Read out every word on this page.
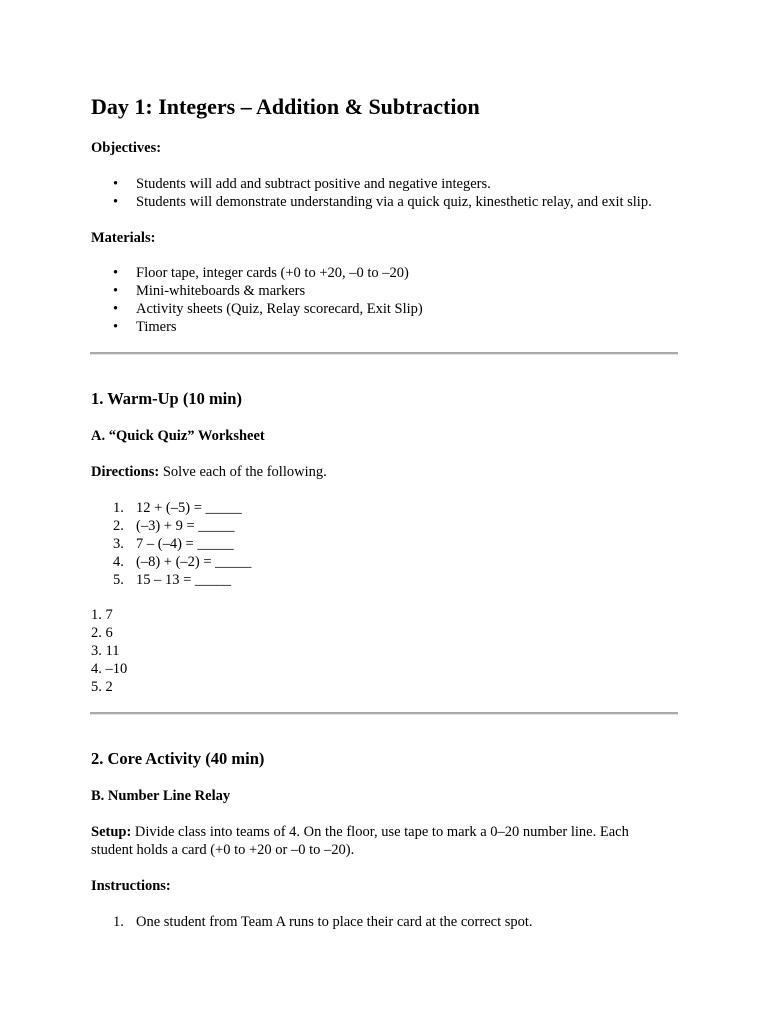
Day 1: Integers – Addition & Subtraction
Objectives:
• Students will add and subtract positive and negative integers.
• Students will demonstrate understanding via a quick quiz, kinesthetic relay, and exit slip.
Materials:
• Floor tape, integer cards (+0 to +20, –0 to –20)
• Mini-whiteboards & markers
• Activity sheets (Quiz, Relay scorecard, Exit Slip)
• Timers
1. Warm-Up (10 min)
A. “Quick Quiz” Worksheet
Directions: Solve each of the following.
1. 12 + (–5) = _____
2. (–3) + 9 = _____
3. 7 – (–4) = _____
4. (–8) + (–2) = _____
5. 15 – 13 = _____
1. 7
2. 6
3. 11
4. –10
5. 2
2. Core Activity (40 min)
B. Number Line Relay
Setup: Divide class into teams of 4. On the floor, use tape to mark a 0–20 number line. Each
student holds a card (+0 to +20 or –0 to –20).
Instructions:
1. One student from Team A runs to place their card at the correct spot.
